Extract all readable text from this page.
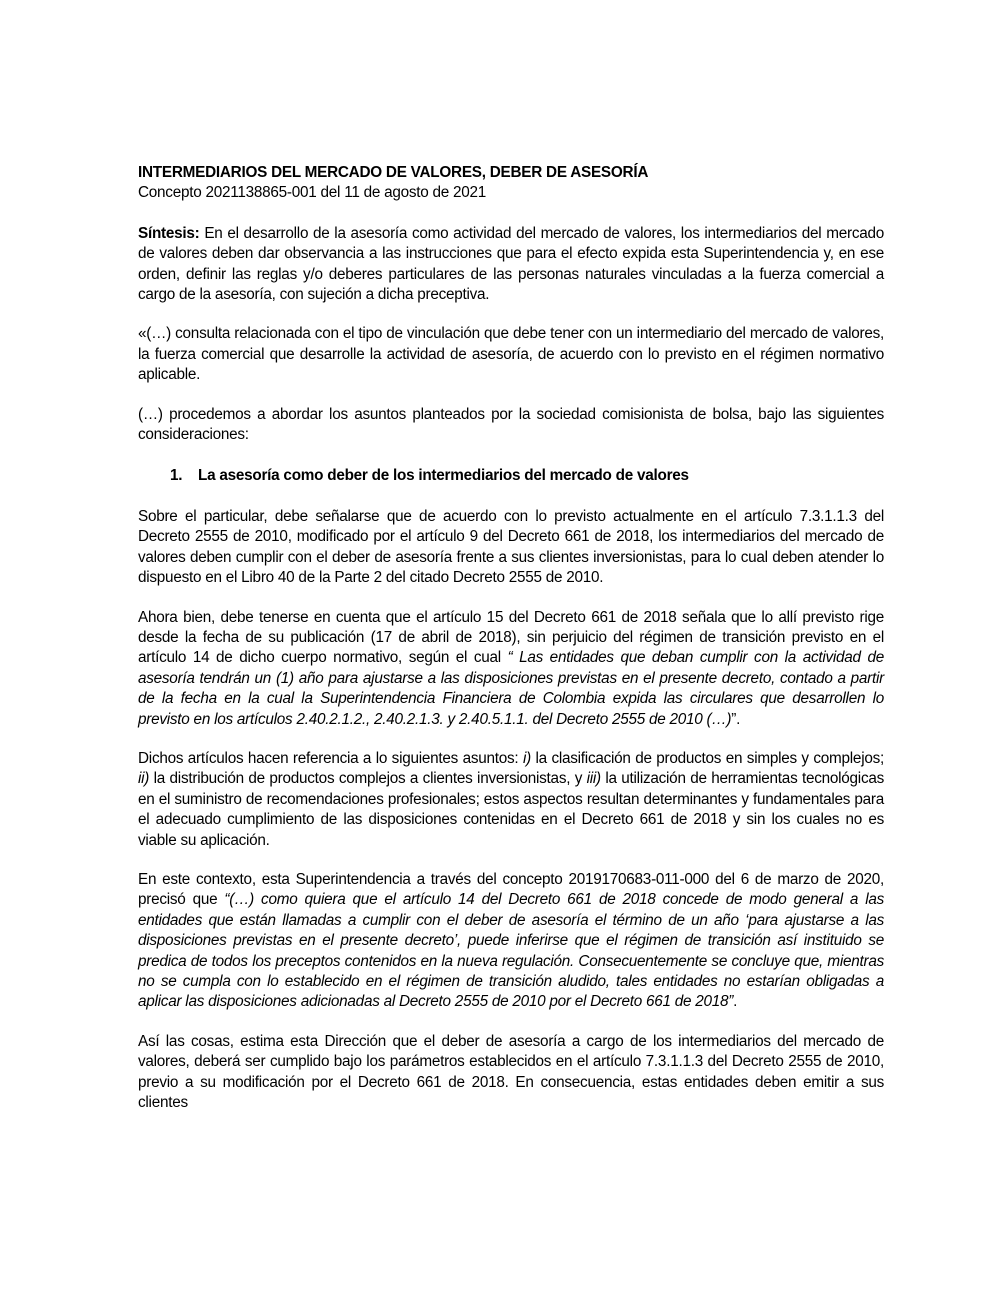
INTERMEDIARIOS DEL MERCADO DE VALORES, DEBER DE ASESORÍA

Concepto 2021138865-001 del 11 de agosto de 2021

Síntesis: En el desarrollo de la asesoría como actividad del mercado de valores, los intermediarios del mercado de valores deben dar observancia a las instrucciones que para el efecto expida esta Superintendencia y, en ese orden, definir las reglas y/o deberes particulares de las personas naturales vinculadas a la fuerza comercial a cargo de la asesoría, con sujeción a dicha preceptiva.

«(…) consulta relacionada con el tipo de vinculación que debe tener con un intermediario del mercado de valores, la fuerza comercial que desarrolle la actividad de asesoría, de acuerdo con lo previsto en el régimen normativo aplicable.

(…) procedemos a abordar los asuntos planteados por la sociedad comisionista de bolsa, bajo las siguientes consideraciones:

1. La asesoría como deber de los intermediarios del mercado de valores

Sobre el particular, debe señalarse que de acuerdo con lo previsto actualmente en el artículo 7.3.1.1.3 del Decreto 2555 de 2010, modificado por el artículo 9 del Decreto 661 de 2018, los intermediarios del mercado de valores deben cumplir con el deber de asesoría frente a sus clientes inversionistas, para lo cual deben atender lo dispuesto en el Libro 40 de la Parte 2 del citado Decreto 2555 de 2010.

Ahora bien, debe tenerse en cuenta que el artículo 15 del Decreto 661 de 2018 señala que lo allí previsto rige desde la fecha de su publicación (17 de abril de 2018), sin perjuicio del régimen de transición previsto en el artículo 14 de dicho cuerpo normativo, según el cual “ Las entidades que deban cumplir con la actividad de asesoría tendrán un (1) año para ajustarse a las disposiciones previstas en el presente decreto, contado a partir de la fecha en la cual la Superintendencia Financiera de Colombia expida las circulares que desarrollen lo previsto en los artículos 2.40.2.1.2., 2.40.2.1.3. y 2.40.5.1.1. del Decreto 2555 de 2010 (…)”.

Dichos artículos hacen referencia a lo siguientes asuntos: i) la clasificación de productos en simples y complejos; ii) la distribución de productos complejos a clientes inversionistas, y iii) la utilización de herramientas tecnológicas en el suministro de recomendaciones profesionales; estos aspectos resultan determinantes y fundamentales para el adecuado cumplimiento de las disposiciones contenidas en el Decreto 661 de 2018 y sin los cuales no es viable su aplicación.

En este contexto, esta Superintendencia a través del concepto 2019170683-011-000 del 6 de marzo de 2020, precisó que “(…) como quiera que el artículo 14 del Decreto 661 de 2018 concede de modo general a las entidades que están llamadas a cumplir con el deber de asesoría el término de un año ‘para ajustarse a las disposiciones previstas en el presente decreto’, puede inferirse que el régimen de transición así instituido se predica de todos los preceptos contenidos en la nueva regulación. Consecuentemente se concluye que, mientras no se cumpla con lo establecido en el régimen de transición aludido, tales entidades no estarían obligadas a aplicar las disposiciones adicionadas al Decreto 2555 de 2010 por el Decreto 661 de 2018”.

Así las cosas, estima esta Dirección que el deber de asesoría a cargo de los intermediarios del mercado de valores, deberá ser cumplido bajo los parámetros establecidos en el artículo 7.3.1.1.3 del Decreto 2555 de 2010, previo a su modificación por el Decreto 661 de 2018. En consecuencia, estas entidades deben emitir a sus clientes
